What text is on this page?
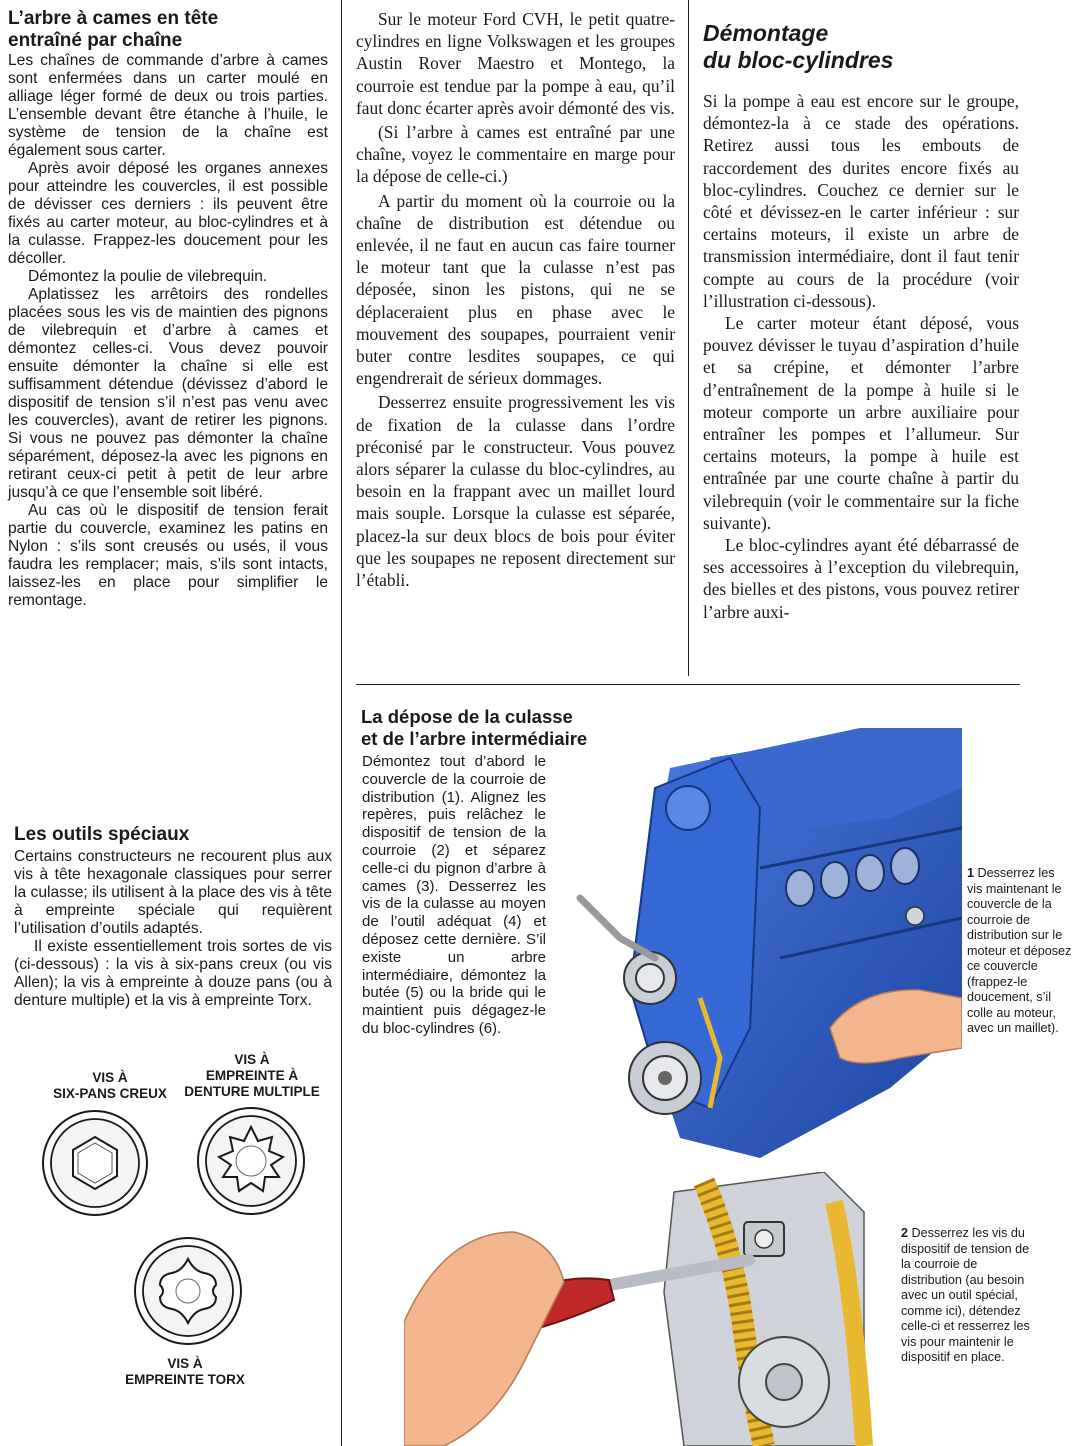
L’arbre à cames en tête
entraîné par chaîne

Les chaînes de commande d’arbre à cames sont enfermées dans un carter moulé en alliage léger formé de deux ou trois parties. L’ensemble devant être étanche à l’huile, le système de tension de la chaîne est également sous carter.

Après avoir déposé les organes annexes pour atteindre les couvercles, il est possible de dévisser ces derniers : ils peuvent être fixés au carter moteur, au bloc-cylindres et à la culasse. Frappez-les doucement pour les décoller.

Démontez la poulie de vilebrequin.

Aplatissez les arrêtoirs des rondelles placées sous les vis de maintien des pignons de vilebrequin et d’arbre à cames et démontez celles-ci. Vous devez pouvoir ensuite démonter la chaîne si elle est suffisamment détendue (dévissez d’abord le dispositif de tension s’il n’est pas venu avec les couvercles), avant de retirer les pignons. Si vous ne pouvez pas démonter la chaîne séparément, déposez-la avec les pignons en retirant ceux-ci petit à petit de leur arbre jusqu’à ce que l’ensemble soit libéré.

Au cas où le dispositif de tension ferait partie du couvercle, examinez les patins en Nylon : s’ils sont creusés ou usés, il vous faudra les remplacer; mais, s’ils sont intacts, laissez-les en place pour simplifier le remontage.

Les outils spéciaux

Certains constructeurs ne recourent plus aux vis à tête hexagonale classiques pour serrer la culasse; ils utilisent à la place des vis à tête à empreinte spéciale qui requièrent l’utilisation d’outils adaptés.

Il existe essentiellement trois sortes de vis (ci-dessous) : la vis à six-pans creux (ou vis Allen); la vis à empreinte à douze pans (ou à denture multiple) et la vis à empreinte Torx.

VIS À
SIX-PANS CREUX
VIS À
EMPREINTE À
DENTURE MULTIPLE
VIS À
EMPREINTE TORX

Sur le moteur Ford CVH, le petit quatre-cylindres en ligne Volkswagen et les groupes Austin Rover Maestro et Montego, la courroie est tendue par la pompe à eau, qu’il faut donc écarter après avoir démonté des vis.

(Si l’arbre à cames est entraîné par une chaîne, voyez le commentaire en marge pour la dépose de celle-ci.)

A partir du moment où la courroie ou la chaîne de distribution est détendue ou enlevée, il ne faut en aucun cas faire tourner le moteur tant que la culasse n’est pas déposée, sinon les pistons, qui ne se déplaceraient plus en phase avec le mouvement des soupapes, pourraient venir buter contre lesdites soupapes, ce qui engendrerait de sérieux dommages.

Desserrez ensuite progressivement les vis de fixation de la culasse dans l’ordre préconisé par le constructeur. Vous pouvez alors séparer la culasse du bloc-cylindres, au besoin en la frappant avec un maillet lourd mais souple. Lorsque la culasse est séparée, placez-la sur deux blocs de bois pour éviter que les soupapes ne reposent directement sur l’établi.

Démontage
du bloc-cylindres

Si la pompe à eau est encore sur le groupe, démontez-la à ce stade des opérations. Retirez aussi tous les embouts de raccordement des durites encore fixés au bloc-cylindres. Couchez ce dernier sur le côté et dévissez-en le carter inférieur : sur certains moteurs, il existe un arbre de transmission intermédiaire, dont il faut tenir compte au cours de la procédure (voir l’illustration ci-dessous).

Le carter moteur étant déposé, vous pouvez dévisser le tuyau d’aspiration d’huile et sa crépine, et démonter l’arbre d’entraînement de la pompe à huile si le moteur comporte un arbre auxiliaire pour entraîner les pompes et l’allumeur. Sur certains moteurs, la pompe à huile est entraînée par une courte chaîne à partir du vilebrequin (voir le commentaire sur la fiche suivante).

Le bloc-cylindres ayant été débarrassé de ses accessoires à l’exception du vilebrequin, des bielles et des pistons, vous pouvez retirer l’arbre auxi-

La dépose de la culasse
et de l’arbre intermédiaire

Démontez tout d’abord le couvercle de la courroie de distribution (1). Alignez les repères, puis relâchez le dispositif de tension de la courroie (2) et séparez celle-ci du pignon d’arbre à cames (3). Desserrez les vis de la culasse au moyen de l’outil adéquat (4) et déposez cette dernière. S’il existe un arbre intermédiaire, démontez la butée (5) ou la bride qui le maintient puis dégagez-le du bloc-cylindres (6).

1 Desserrez les vis maintenant le couvercle de la courroie de distribution sur le moteur et déposez ce couvercle (frappez-le doucement, s’il colle au moteur, avec un maillet).

2 Desserrez les vis du dispositif de tension de la courroie de distribution (au besoin avec un outil spécial, comme ici), détendez celle-ci et resserrez les vis pour maintenir le dispositif en place.
